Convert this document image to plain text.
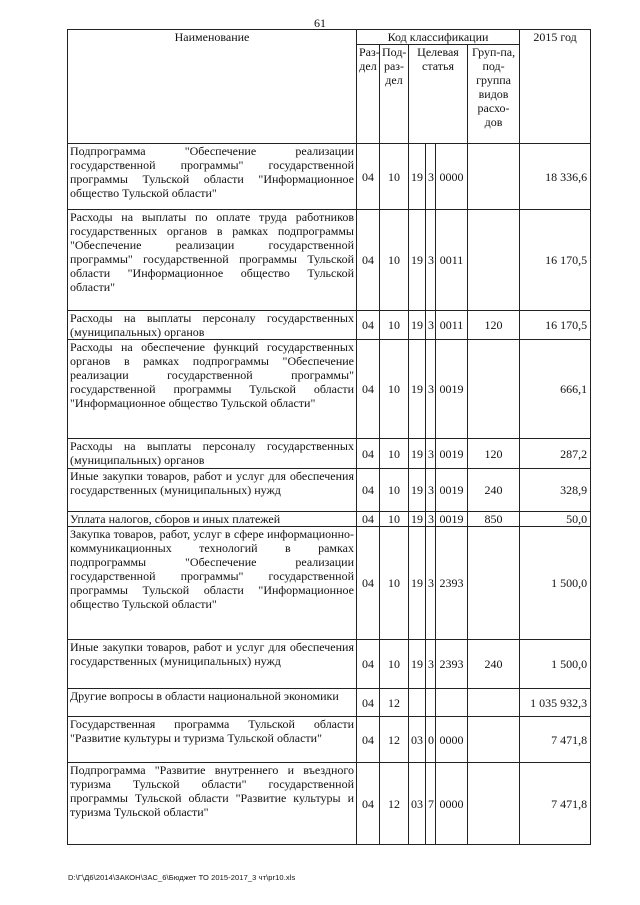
61
Наименование	Код классификации						2015 год
	Раз-дел	Под-раз-дел	Целевая статья			Груп-па, под-группа видов расхо-дов	
Подпрограмма "Обеспечение реализации государственной программы" государственной программы Тульской области "Информационное общество Тульской области"	04	10	19	3	0000		18 336,6
Расходы на выплаты по оплате труда работников государственных органов в рамках подпрограммы "Обеспечение реализации государственной программы" государственной программы Тульской области "Информационное общество Тульской области"	04	10	19	3	0011		16 170,5
Расходы на выплаты персоналу государственных (муниципальных) органов	04	10	19	3	0011	120	16 170,5
Расходы на обеспечение функций государственных органов в рамках подпрограммы "Обеспечение реализации государственной программы" государственной программы Тульской области "Информационное общество Тульской области"	04	10	19	3	0019		666,1
Расходы на выплаты персоналу государственных (муниципальных) органов	04	10	19	3	0019	120	287,2
Иные закупки товаров, работ и услуг для обеспечения государственных (муниципальных) нужд	04	10	19	3	0019	240	328,9
Уплата налогов, сборов и иных платежей	04	10	19	3	0019	850	50,0
Закупка товаров, работ, услуг в сфере информационно-коммуникационных технологий в рамках подпрограммы "Обеспечение реализации государственной программы" государственной программы Тульской области "Информационное общество Тульской области"	04	10	19	3	2393		1 500,0
Иные закупки товаров, работ и услуг для обеспечения государственных (муниципальных) нужд	04	10	19	3	2393	240	1 500,0
Другие вопросы в области национальной экономики	04	12					1 035 932,3
Государственная программа Тульской области "Развитие культуры и туризма Тульской области"	04	12	03	0	0000		7 471,8
Подпрограмма "Развитие внутреннего и въездного туризма Тульской области" государственной программы Тульской области "Развитие культуры и туризма Тульской области"	04	12	03	7	0000		7 471,8
D:\Г\Д6\2014\ЗАКОН\ЗАС_6\Бюджет ТО 2015-2017_3 чт\pr10.xls
